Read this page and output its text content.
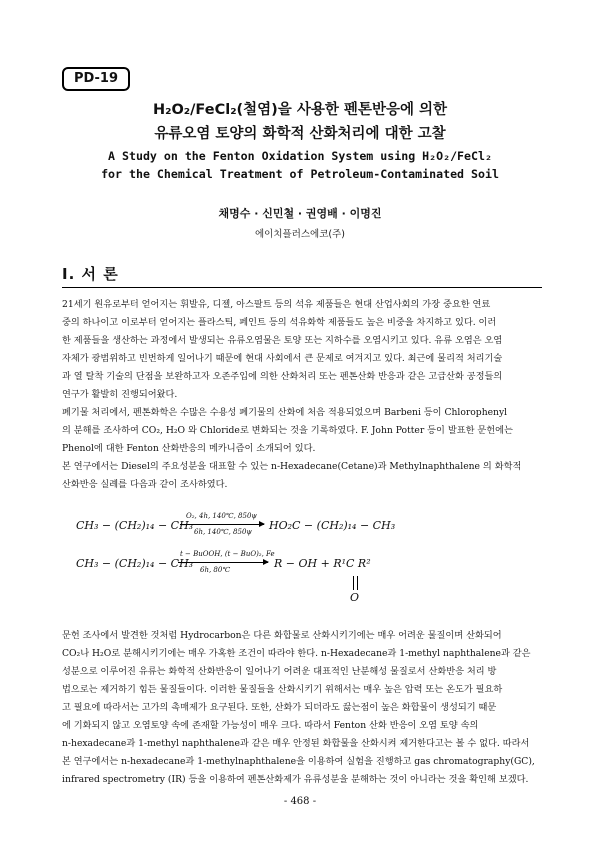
PD-19
H₂O₂/FeCl₂(철염)을 사용한 펜톤반응에 의한
유류오염 토양의 화학적 산화처리에 대한 고찰
A Study on the Fenton Oxidation System using H₂O₂/FeCl₂
for the Chemical Treatment of Petroleum-Contaminated Soil
채명수 · 신민철 · 권영배 · 이명진
에이치플러스에코(주)
Ⅰ. 서 론
21세기 원유로부터 얻어지는 휘발유, 디젤, 아스팔트 등의 석유 제품들은 현대 산업사회의 가장 중요한 연료
중의 하나이고 이로부터 얻어지는 플라스틱, 페인트 등의 석유화학 제품들도 높은 비중을 차지하고 있다. 이러
한 제품들을 생산하는 과정에서 발생되는 유류오염물은 토양 또는 지하수를 오염시키고 있다. 유류 오염은 오염
자체가 광범위하고 빈번하게 일어나기 때문에 현대 사회에서 큰 문제로 여겨지고 있다. 최근에 물리적 처리기술
과 열 탈착 기술의 단점을 보완하고자 오존주입에 의한 산화처리 또는 펜톤산화 반응과 같은 고급산화 공정들의
연구가 활발히 진행되어왔다.
폐기물 처리에서, 펜톤화학은 수많은 수용성 폐기물의 산화에 처음 적용되었으며 Barbeni 등이 Chlorophenyl
의 분해를 조사하여 CO₂, H₂O 와 Chloride로 변화되는 것을 기록하였다. F. John Potter 등이 발표한 문헌에는
Phenol에 대한 Fenton 산화반응의 메카니즘이 소개되어 있다.
본 연구에서는 Diesel의 주요성분을 대표할 수 있는 n-Hexadecane(Cetane)과 Methylnaphthalene 의 화학적
산화반응 실례를 다음과 같이 조사하였다.
CH₃ − (CH₂)₁₄ − CH₃
O₂, 4h, 140℃, 850ψ
6h, 140℃, 850ψ HO₂C − (CH₂)₁₄ − CH₃
CH₃ − (CH₂)₁₄ − CH₃
t − BuOOH, (t − BuO)₂, Fe
6h, 80℃	R − OH + R¹C R²
O
문헌 조사에서 발견한 것처럼 Hydrocarbon은 다른 화합물로 산화시키기에는 매우 어려운 물질이며 산화되어
CO₂나 H₂O로 분해시키기에는 매우 가혹한 조건이 따라야 한다. n-Hexadecane과 1-methyl naphthalene과 같은
성분으로 이루어진 유류는 화학적 산화반응이 일어나기 어려운 대표적인 난분해성 물질로서 산화반응 처리 방
법으로는 제거하기 힘든 물질들이다. 이러한 물질들을 산화시키기 위해서는 매우 높은 압력 또는 온도가 필요하
고 필요에 따라서는 고가의 촉매제가 요구된다. 또한, 산화가 되더라도 끓는점이 높은 화합물이 생성되기 때문
에 기화되지 않고 오염토양 속에 존재할 가능성이 매우 크다. 따라서 Fenton 산화 반응이 오염 토양 속의
n-hexadecane과 1-methyl naphthalene과 같은 매우 안정된 화합물을 산화시켜 제거한다고는 볼 수 없다. 따라서
본 연구에서는 n-hexadecane과 1-methylnaphthalene을 이용하여 실험을 진행하고 gas chromatography(GC),
infrared spectrometry (IR) 등을 이용하여 펜톤산화제가 유류성분을 분해하는 것이 아니라는 것을 확인해 보겠다.
- 468 -
